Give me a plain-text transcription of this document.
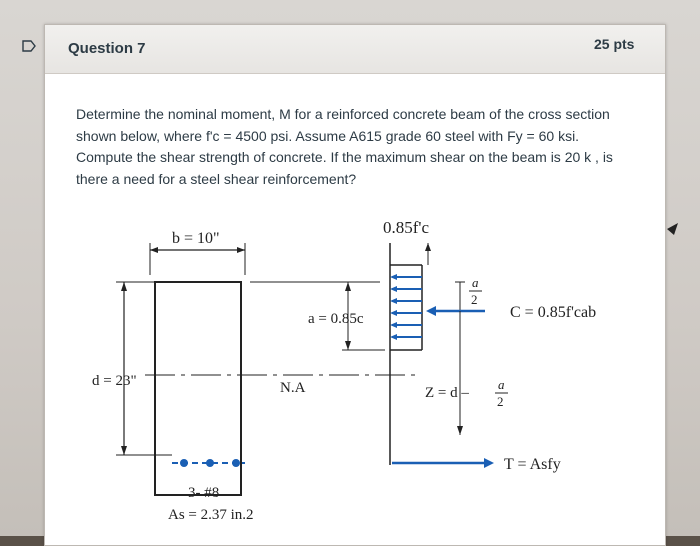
Question 7	25 pts
Determine the nominal moment, M for a reinforced concrete beam of the cross section shown below, where f'c = 4500 psi. Assume A615 grade 60 steel with Fy = 60 ksi. Compute the shear strength of concrete. If the maximum shear on the beam is 20 k , is there a need for a steel shear reinforcement?
b = 10"
d = 23"	N.A
3- #8
As = 2.37 in.2
0.85f'c
a = 0.85c
a
2
C = 0.85f'cab
Z = d –
a
2
T = Asfy
